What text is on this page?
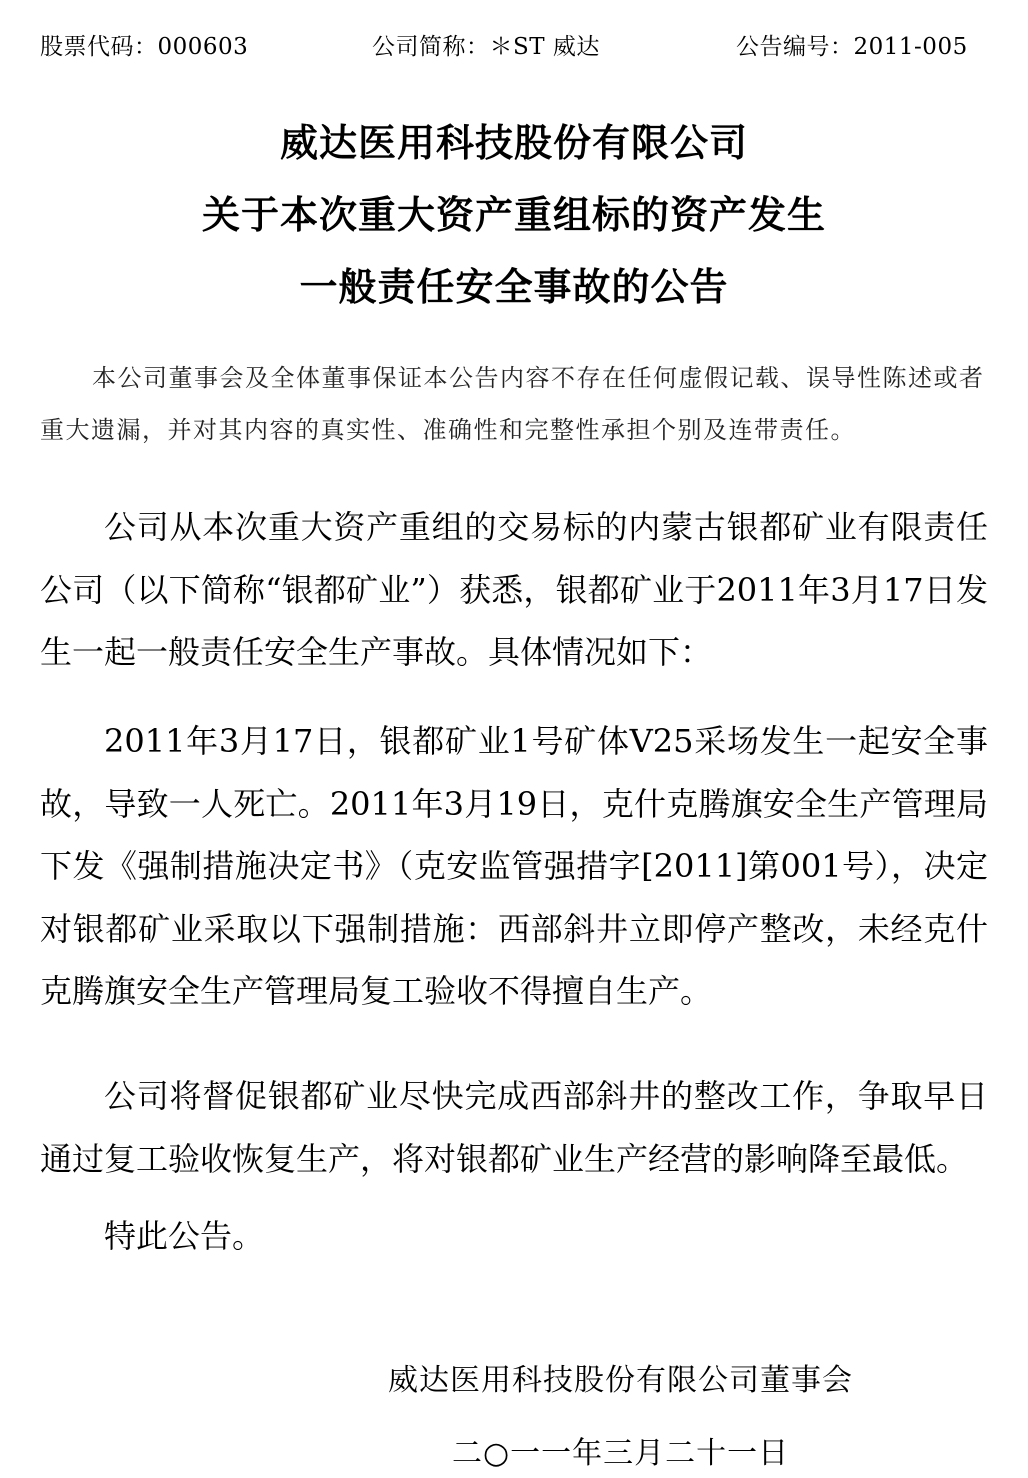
股票代码：000603	公司简称：＊ST 威达	公告编号：2011-005
威达医用科技股份有限公司
关于本次重大资产重组标的资产发生
一般责任安全事故的公告
本公司董事会及全体董事保证本公告内容不存在任何虚假记载、误导性陈述或者重大遗漏，并对其内容的真实性、准确性和完整性承担个别及连带责任。
公司从本次重大资产重组的交易标的内蒙古银都矿业有限责任公司（以下简称“银都矿业”）获悉，银都矿业于2011年3月17日发生一起一般责任安全生产事故。具体情况如下：
2011年3月17日，银都矿业1号矿体V25采场发生一起安全事故，导致一人死亡。2011年3月19日，克什克腾旗安全生产管理局下发《强制措施决定书》（克安监管强措字[2011]第001号），决定对银都矿业采取以下强制措施：西部斜井立即停产整改，未经克什克腾旗安全生产管理局复工验收不得擅自生产。
公司将督促银都矿业尽快完成西部斜井的整改工作，争取早日通过复工验收恢复生产，将对银都矿业生产经营的影响降至最低。
特此公告。
威达医用科技股份有限公司董事会
二○一一年三月二十一日
